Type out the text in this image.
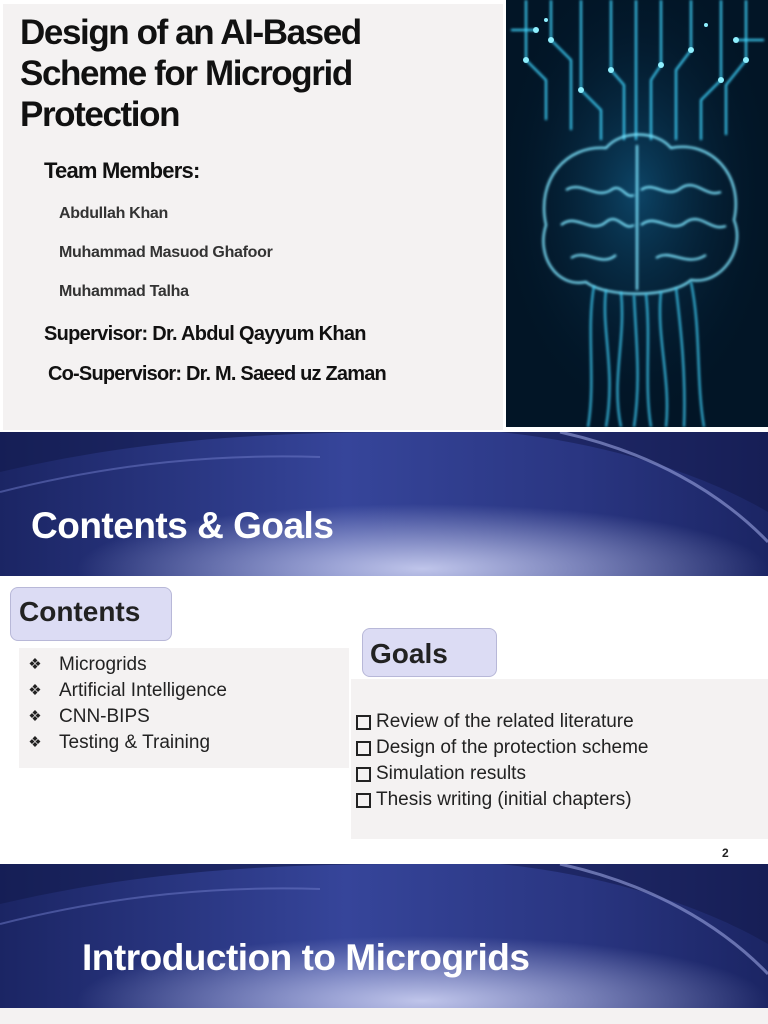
Design of an AI-Based Scheme for Microgrid Protection
Team Members:
Abdullah Khan
Muhammad Masuod Ghafoor
Muhammad Talha
Supervisor: Dr. Abdul Qayyum Khan
Co-Supervisor: Dr. M. Saeed uz Zaman
Contents & Goals
Contents
❖ Microgrids
❖ Artificial Intelligence
❖ CNN-BIPS
❖ Testing & Training
Review of the related literature
Design of the protection scheme
Simulation results
Thesis writing (initial chapters)
Goals
2
Introduction to Microgrids
